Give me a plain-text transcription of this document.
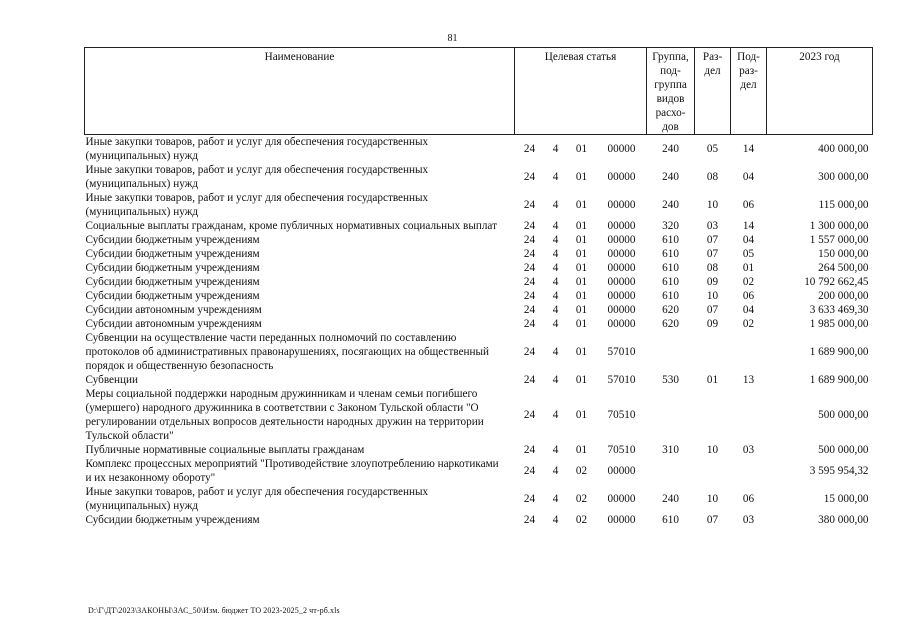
81
Наименование	Целевая статья				Группа, под-группа видов расхо-дов	Раз-дел	Под-раз-дел	2023 год
Иные закупки товаров, работ и услуг для обеспечения государственных (муниципальных) нужд	24	4	01	00000	240	05	14	400 000,00
Иные закупки товаров, работ и услуг для обеспечения государственных (муниципальных) нужд	24	4	01	00000	240	08	04	300 000,00
Иные закупки товаров, работ и услуг для обеспечения государственных (муниципальных) нужд	24	4	01	00000	240	10	06	115 000,00
Социальные выплаты гражданам, кроме публичных нормативных социальных выплат	24	4	01	00000	320	03	14	1 300 000,00
Субсидии бюджетным учреждениям	24	4	01	00000	610	07	04	1 557 000,00
Субсидии бюджетным учреждениям	24	4	01	00000	610	07	05	150 000,00
Субсидии бюджетным учреждениям	24	4	01	00000	610	08	01	264 500,00
Субсидии бюджетным учреждениям	24	4	01	00000	610	09	02	10 792 662,45
Субсидии бюджетным учреждениям	24	4	01	00000	610	10	06	200 000,00
Субсидии автономным учреждениям	24	4	01	00000	620	07	04	3 633 469,30
Субсидии автономным учреждениям	24	4	01	00000	620	09	02	1 985 000,00
Субвенции на осуществление части переданных полномочий по составлению протоколов об административных правонарушениях, посягающих на общественный порядок и общественную безопасность	24	4	01	57010				1 689 900,00
Субвенции	24	4	01	57010	530	01	13	1 689 900,00
Меры социальной поддержки народным дружинникам и членам семьи погибшего (умершего) народного дружинника в соответствии с Законом Тульской области "О регулировании отдельных вопросов деятельности народных дружин на территории Тульской области"	24	4	01	70510				500 000,00
Публичные нормативные социальные выплаты гражданам	24	4	01	70510	310	10	03	500 000,00
Комплекс процессных мероприятий "Противодействие злоупотреблению наркотиками и их незаконному обороту"	24	4	02	00000				3 595 954,32
Иные закупки товаров, работ и услуг для обеспечения государственных (муниципальных) нужд	24	4	02	00000	240	10	06	15 000,00
Субсидии бюджетным учреждениям	24	4	02	00000	610	07	03	380 000,00
D:\Г\ДТ\2023\ЗАКОНЫ\ЗАС_50\Изм. бюджет ТО 2023-2025_2 чт-рб.xls
